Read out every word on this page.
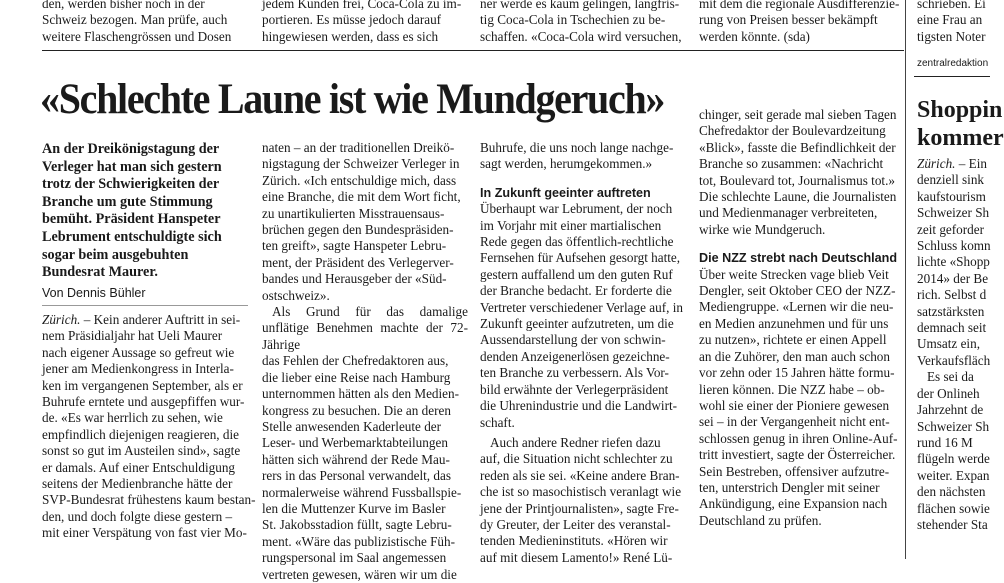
den, werden bisher noch in der

Schweiz bezogen. Man prüfe, auch

weitere Flaschengrössen und Dosen

jedem Kunden frei, Coca-Cola zu im-

portieren. Es müsse jedoch darauf

hingewiesen werden, dass es sich

ner werde es kaum gelingen, langfris-

tig Coca-Cola in Tschechien zu be-

schaffen. «Coca-Cola wird versuchen,

mit dem die regionale Ausdifferenzie-

rung von Preisen besser bekämpft

werden könnte. (sda)

schrieben. Ei

eine Frau an

tigsten Noter

zentralredaktion
«Schlechte Laune ist wie Mundgeruch»

An der Dreikönigstagung der Verleger hat man sich gestern trotz der Schwierigkeiten der Branche um gute Stimmung bemüht. Präsident Hanspeter Lebrument entschuldigte sich sogar beim ausgebuhten Bundesrat Maurer.

Von Dennis Bühler

Zürich. – Kein anderer Auftritt in sei-

nem Präsidialjahr hat Ueli Maurer

nach eigener Aussage so gefreut wie

jener am Medienkongress in Interla-

ken im vergangenen September, als er

Buhrufe erntete und ausgepfiffen wur-

de. «Es war herrlich zu sehen, wie

empfindlich diejenigen reagieren, die

sonst so gut im Austeilen sind», sagte

er damals. Auf einer Entschuldigung

seitens der Medienbranche hätte der

SVP-Bundesrat frühestens kaum bestan-

den, und doch folgte diese gestern –

mit einer Verspätung von fast vier Mo-

naten – an der traditionellen Dreikö-

nigstagung der Schweizer Verleger in

Zürich. «Ich entschuldige mich, dass

eine Branche, die mit dem Wort ficht,

zu unartikulierten Misstrauensaus-

brüchen gegen den Bundespräsiden-

ten greift», sagte Hanspeter Lebru-

ment, der Präsident des Verlegerver-

bandes und Herausgeber der «Süd-

ostschweiz».

Als Grund für das damalige unflätige Benehmen machte der 72-Jährige

das Fehlen der Chefredaktoren aus,

die lieber eine Reise nach Hamburg

unternommen hätten als den Medien-

kongress zu besuchen. Die an deren

Stelle anwesenden Kaderleute der

Leser- und Werbemarktabteilungen

hätten sich während der Rede Mau-

rers in das Personal verwandelt, das

normalerweise während Fussballspie-

len die Muttenzer Kurve im Basler

St. Jakobsstadion füllt, sagte Lebru-

ment. «Wäre das publizistische Füh-

rungspersonal im Saal angemessen

vertreten gewesen, wären wir um die

Buhrufe, die uns noch lange nachge-

sagt werden, herumgekommen.»

In Zukunft geeinter auftreten

Überhaupt war Lebrument, der noch

im Vorjahr mit einer martialischen

Rede gegen das öffentlich-rechtliche

Fernsehen für Aufsehen gesorgt hatte,

gestern auffallend um den guten Ruf

der Branche bedacht. Er forderte die

Vertreter verschiedener Verlage auf, in

Zukunft geeinter aufzutreten, um die

Aussendarstellung der von schwin-

denden Anzeigenerlösen gezeichne-

ten Branche zu verbessern. Als Vor-

bild erwähnte der Verlegerpräsident

die Uhrenindustrie und die Landwirt-

schaft.

Auch andere Redner riefen dazu

auf, die Situation nicht schlechter zu

reden als sie sei. «Keine andere Bran-

che ist so masochistisch veranlagt wie

jene der Printjournalisten», sagte Fre-

dy Greuter, der Leiter des veranstal-

tenden Medieninstituts. «Hören wir

auf mit diesem Lamento!» René Lü-

chinger, seit gerade mal sieben Tagen

Chefredaktor der Boulevardzeitung

«Blick», fasste die Befindlichkeit der

Branche so zusammen: «Nachricht

tot, Boulevard tot, Journalismus tot.»

Die schlechte Laune, die Journalisten

und Medienmanager verbreiteten,

wirke wie Mundgeruch.

Die NZZ strebt nach Deutschland

Über weite Strecken vage blieb Veit

Dengler, seit Oktober CEO der NZZ-

Mediengruppe. «Lernen wir die neu-

en Medien anzunehmen und für uns

zu nutzen», richtete er einen Appell

an die Zuhörer, den man auch schon

vor zehn oder 15 Jahren hätte formu-

lieren können. Die NZZ habe – ob-

wohl sie einer der Pioniere gewesen

sei – in der Vergangenheit nicht ent-

schlossen genug in ihren Online-Auf-

tritt investiert, sagte der Österreicher.

Sein Bestreben, offensiver aufzutre-

ten, unterstrich Dengler mit seiner

Ankündigung, eine Expansion nach

Deutschland zu prüfen.

Shoppin
kommer

Zürich. – Ein

denziell sink

kaufstourism

Schweizer Sh

zeit geforder

Schluss komn

lichte «Shopp

2014» der Be

rich. Selbst d

satzstärksten

demnach seit

Umsatz ein,

Verkaufsfläch

Es sei da

der Onlineh

Jahrzehnt de

Schweizer Sh

rund 16 M

flügeln werde

weiter. Expan

den nächsten

flächen sowie

stehender Sta
